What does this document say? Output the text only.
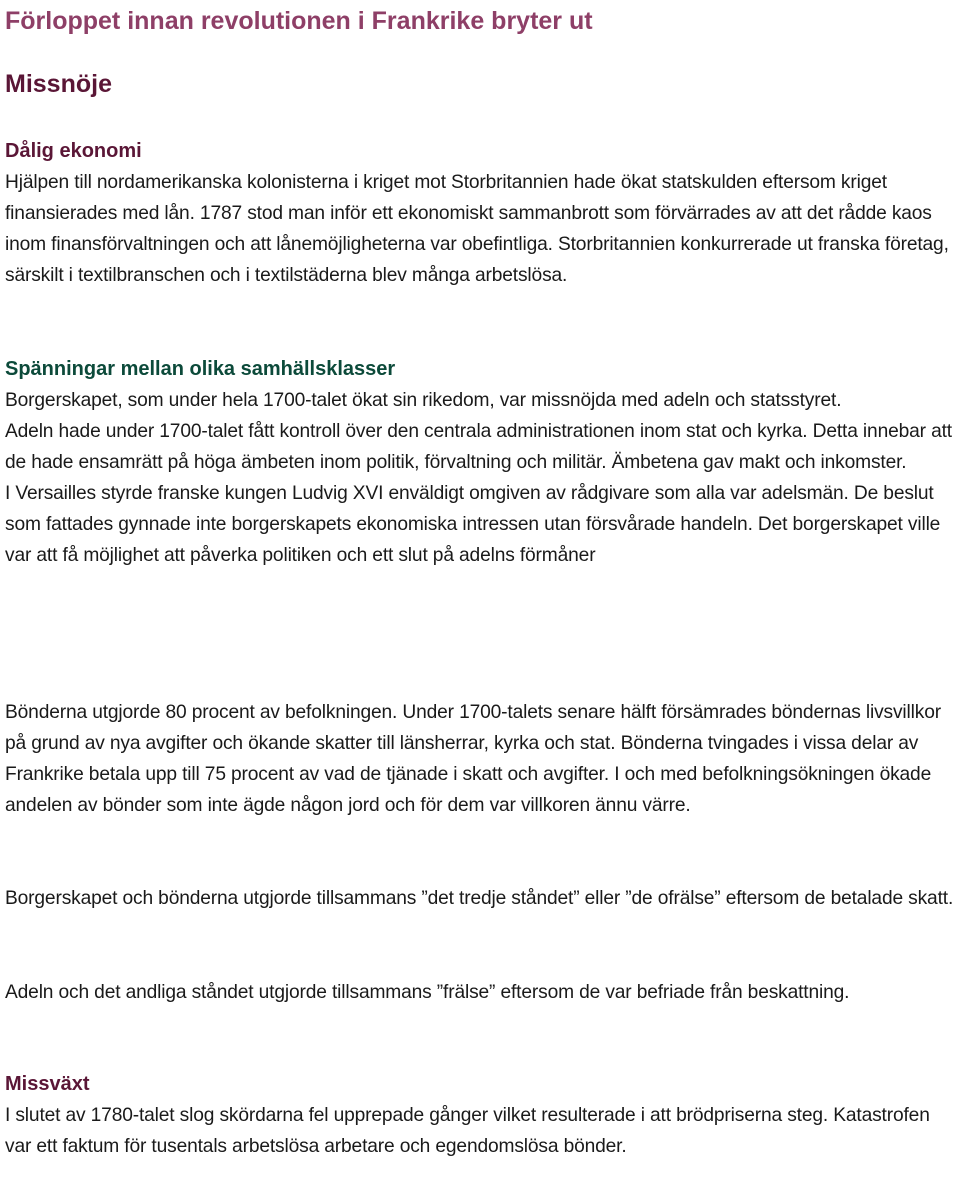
Förloppet innan revolutionen i Frankrike bryter ut
Missnöje

Dålig ekonomi

Hjälpen till nordamerikanska kolonisterna i kriget mot Storbritannien hade ökat statskulden eftersom kriget finansierades med lån. 1787 stod man inför ett ekonomiskt sammanbrott som förvärrades av att det rådde kaos inom finansförvaltningen och att lånemöjligheterna var obefintliga. Storbritannien konkurrerade ut franska företag, särskilt i textilbranschen och i textilstäderna blev många arbetslösa.

Spänningar mellan olika samhällsklasser

Borgerskapet, som under hela 1700-talet ökat sin rikedom, var missnöjda med adeln och statsstyret.

Adeln hade under 1700-talet fått kontroll över den centrala administrationen inom stat och kyrka. Detta innebar att de hade ensamrätt på höga ämbeten inom politik, förvaltning och militär. Ämbetena gav makt och inkomster.

I Versailles styrde franske kungen Ludvig XVI enväldigt omgiven av rådgivare som alla var adelsmän. De beslut som fattades gynnade inte borgerskapets ekonomiska intressen utan försvårade handeln. Det borgerskapet ville var att få möjlighet att påverka politiken och ett slut på adelns förmåner

Bönderna utgjorde 80 procent av befolkningen. Under 1700-talets senare hälft försämrades böndernas livsvillkor på grund av nya avgifter och ökande skatter till länsherrar, kyrka och stat. Bönderna tvingades i vissa delar av Frankrike betala upp till 75 procent av vad de tjänade i skatt och avgifter. I och med befolkningsökningen ökade andelen av bönder som inte ägde någon jord och för dem var villkoren ännu värre.

Borgerskapet och bönderna utgjorde tillsammans ”det tredje ståndet” eller ”de ofrälse” eftersom de betalade skatt.

Adeln och det andliga ståndet utgjorde tillsammans ”frälse” eftersom de var befriade från beskattning.

Missväxt

I slutet av 1780-talet slog skördarna fel upprepade gånger vilket resulterade i att brödpriserna steg. Katastrofen var ett faktum för tusentals arbetslösa arbetare och egendomslösa bönder.
